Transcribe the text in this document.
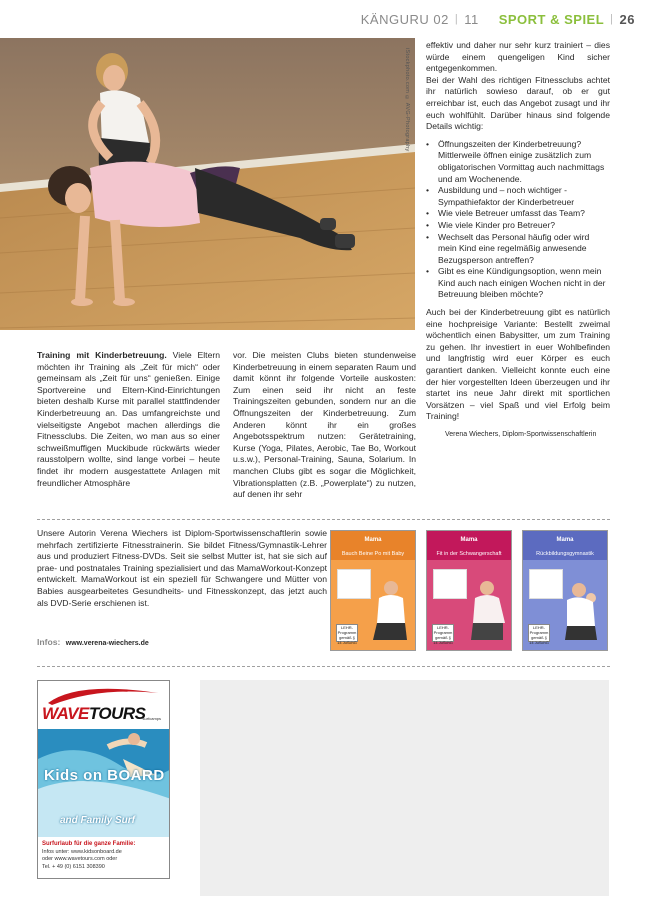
KÄNGURU 02 | 11 SPORT & SPIEL | 26
iStockphoto.com © AVG-Photography

effektiv und daher nur sehr kurz trainiert – dies würde einem quengeligen Kind sicher entgegenkommen.

Bei der Wahl des richtigen Fitnessclubs achtet ihr natürlich sowieso darauf, ob er gut erreichbar ist, euch das Angebot zusagt und ihr euch wohlfühlt. Darüber hinaus sind folgende Details wichtig:

• Öffnungszeiten der Kinderbetreuung? Mittlerweile öffnen einige zusätzlich zum obligatorischen Vormittag auch nachmittags und am Wochenende.
• Ausbildung und – noch wichtiger - Sympathiefaktor der Kinderbetreuer
• Wie viele Betreuer umfasst das Team?
• Wie viele Kinder pro Betreuer?
• Wechselt das Personal häufig oder wird mein Kind eine regelmäßig anwesende Bezugsperson antreffen?
• Gibt es eine Kündigungsoption, wenn mein Kind auch nach einigen Wochen nicht in der Betreuung bleiben möchte?

Auch bei der Kinderbetreuung gibt es natürlich eine hochpreisige Variante: Bestellt zweimal wöchentlich einen Babysitter, um zum Training zu gehen. Ihr investiert in euer Wohlbefinden und langfristig wird euer Körper es euch garantiert danken. Vielleicht konnte euch eine der hier vorgestellten Ideen überzeugen und ihr startet ins neue Jahr direkt mit sportlichen Vorsätzen – viel Spaß und viel Erfolg beim Training!

Verena Wiechers, Diplom-Sportwissenschaftlerin
Training mit Kinderbetreuung. Viele Eltern möchten ihr Training als „Zeit für mich“ oder gemeinsam als „Zeit für uns“ genießen. Einige Sportvereine und Eltern-Kind-Einrichtungen bieten deshalb Kurse mit parallel stattfindender Kinderbetreuung an. Das umfangreichste und vielseitigste Angebot machen allerdings die Fitnessclubs. Die Zeiten, wo man aus so einer schweißmuffigen Muckibude rückwärts wieder rausstolpern wollte, sind lange vorbei – heute findet ihr modern ausgestattete Anlagen mit freundlicher Atmosphäre
vor. Die meisten Clubs bieten stundenweise Kinderbetreuung in einem separaten Raum und damit könnt ihr folgende Vorteile auskosten: Zum einen seid ihr nicht an feste Trainingszeiten gebunden, sondern nur an die Öffnungszeiten der Kinderbetreuung. Zum Anderen könnt ihr ein großes Angebotsspektrum nutzen: Gerätetraining, Kurse (Yoga, Pilates, Aerobic, Tae Bo, Workout u.s.w.), Personal-Training, Sauna, Solarium. In manchen Clubs gibt es sogar die Möglichkeit, Vibrationsplatten (z.B. „Powerplate“) zu nutzen, auf denen ihr sehr
Unsere Autorin Verena Wiechers ist Diplom-Sportwissenschaftlerin sowie mehrfach zertifizierte Fitnesstrainerin. Sie bildet Fitness/Gymnastik-Lehrer aus und produziert Fitness-DVDs. Seit sie selbst Mutter ist, hat sie sich auf prae- und postnatales Training spezialisiert und das MamaWorkout-Konzept entwickelt. MamaWorkout ist ein speziell für Schwangere und Mütter von Babies ausgearbeitetes Gesundheits- und Fitnesskonzept, das jetzt auch als DVD-Serie erschienen ist.
Infos: www.verena-wiechers.de
Mama
Bauch Beine Po mit Baby
LEHR-Programm gemäß § 14 JuSchG
Mama
Fit in der Schwangerschaft
LEHR-Programm gemäß § 14 JuSchG
Mama
Rückbildungsgymnastik
LEHR-Programm gemäß § 14 JuSchG
WAVETOURS
surfcamps
Kids on BOARD
and Family Surf
Surfurlaub für die ganze Familie:
Infos unter: www.kidsonboard.de
oder www.wavetours.com oder
Tel. + 49 (0) 6151 308390
